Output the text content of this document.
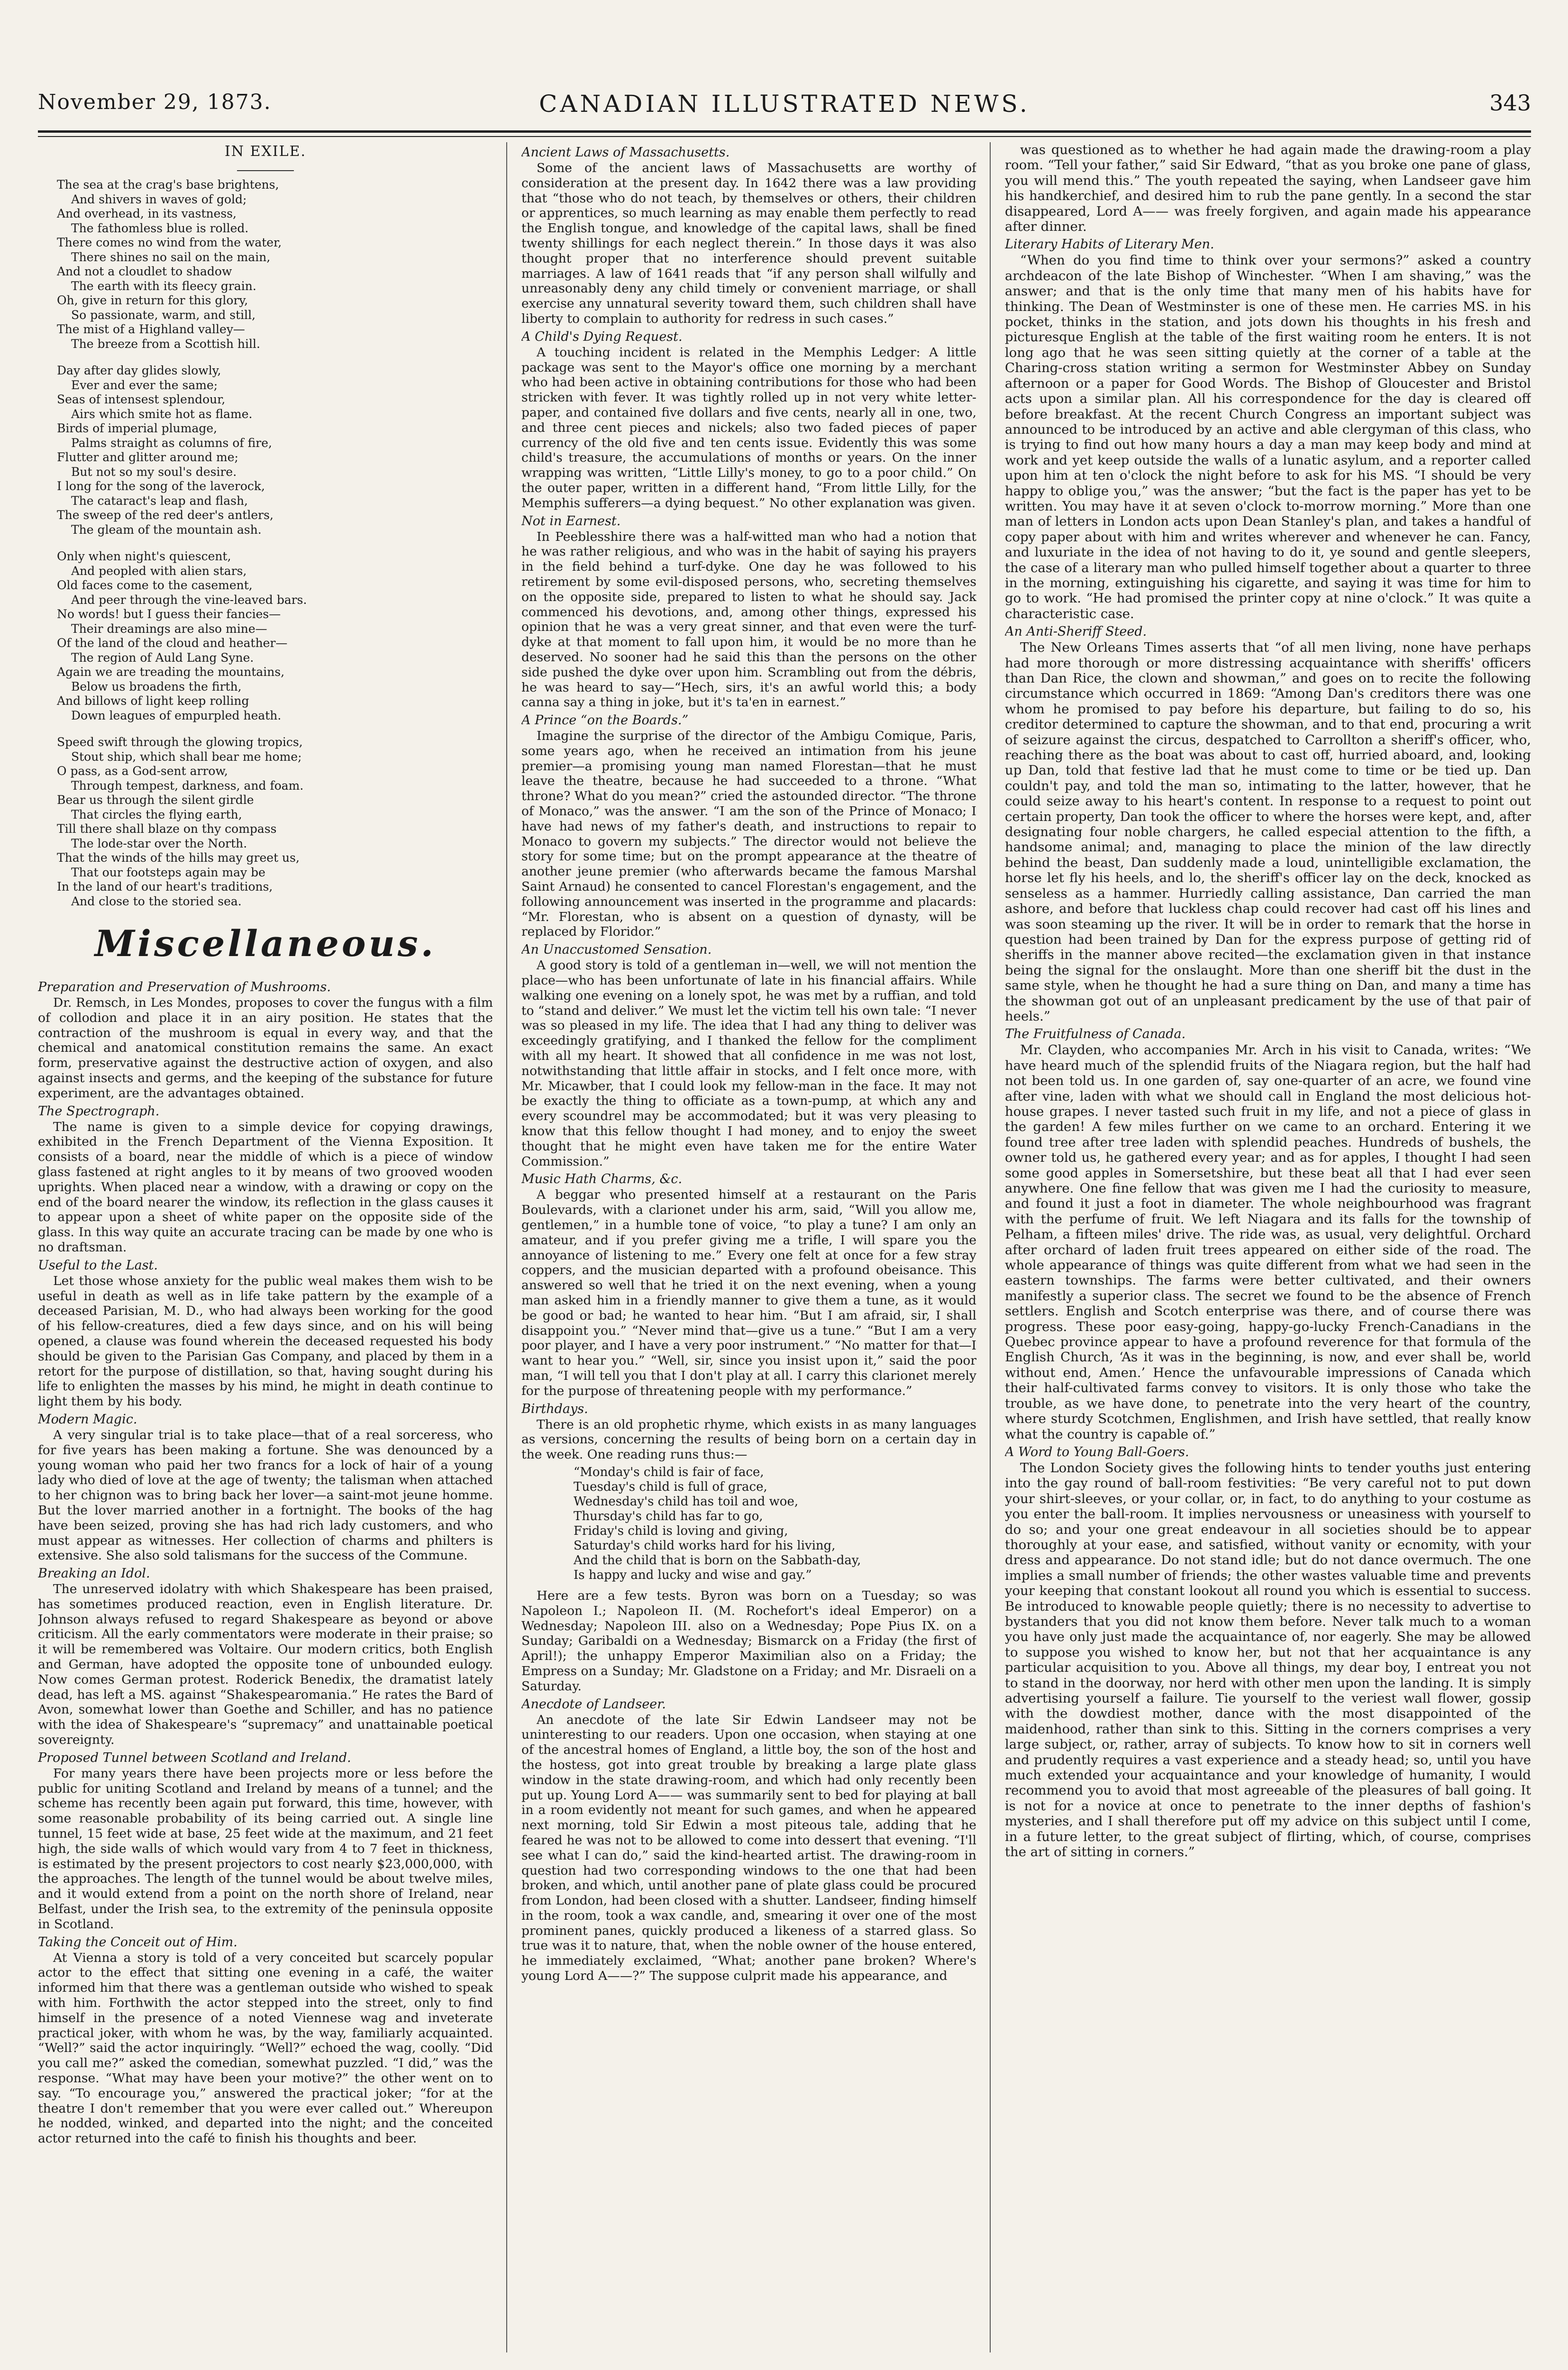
November 29, 1873.	CANADIAN ILLUSTRATED NEWS.	343
IN EXILE.
The sea at the crag's base brightens,
And shivers in waves of gold;
And overhead, in its vastness,
The fathomless blue is rolled.
There comes no wind from the water,
There shines no sail on the main,
And not a cloudlet to shadow
The earth with its fleecy grain.
Oh, give in return for this glory,
So passionate, warm, and still,
The mist of a Highland valley—
The breeze from a Scottish hill.
Day after day glides slowly,
Ever and ever the same;
Seas of intensest splendour,
Airs which smite hot as flame.
Birds of imperial plumage,
Palms straight as columns of fire,
Flutter and glitter around me;
But not so my soul's desire.
I long for the song of the laverock,
The cataract's leap and flash,
The sweep of the red deer's antlers,
The gleam of the mountain ash.
Only when night's quiescent,
And peopled with alien stars,
Old faces come to the casement,
And peer through the vine-leaved bars.
No words! but I guess their fancies—
Their dreamings are also mine—
Of the land of the cloud and heather—
The region of Auld Lang Syne.
Again we are treading the mountains,
Below us broadens the firth,
And billows of light keep rolling
Down leagues of empurpled heath.
Speed swift through the glowing tropics,
Stout ship, which shall bear me home;
O pass, as a God-sent arrow,
Through tempest, darkness, and foam.
Bear us through the silent girdle
That circles the flying earth,
Till there shall blaze on thy compass
The lode-star over the North.
That the winds of the hills may greet us,
That our footsteps again may be
In the land of our heart's traditions,
And close to the storied sea.
Miscellaneous.
Preparation and Preservation of Mushrooms.

Dr. Remsch, in Les Mondes, proposes to cover the fungus with a film of collodion and place it in an airy position. He states that the contraction of the mushroom is equal in every way, and that the chemical and anatomical constitution remains the same. An exact form, preservative against the destructive action of oxygen, and also against insects and germs, and the keeping of the substance for future experiment, are the advantages obtained.

The Spectrograph.

The name is given to a simple device for copying drawings, exhibited in the French Department of the Vienna Exposition. It consists of a board, near the middle of which is a piece of window glass fastened at right angles to it by means of two grooved wooden uprights. When placed near a window, with a drawing or copy on the end of the board nearer the window, its reflection in the glass causes it to appear upon a sheet of white paper on the opposite side of the glass. In this way quite an accurate tracing can be made by one who is no draftsman.

Useful to the Last.

Let those whose anxiety for the public weal makes them wish to be useful in death as well as in life take pattern by the example of a deceased Parisian, M. D., who had always been working for the good of his fellow-creatures, died a few days since, and on his will being opened, a clause was found wherein the deceased requested his body should be given to the Parisian Gas Company, and placed by them in a retort for the purpose of distillation, so that, having sought during his life to enlighten the masses by his mind, he might in death continue to light them by his body.

Modern Magic.

A very singular trial is to take place—that of a real sorceress, who for five years has been making a fortune. She was denounced by a young woman who paid her two francs for a lock of hair of a young lady who died of love at the age of twenty; the talisman when attached to her chignon was to bring back her lover—a saint‑mot jeune homme. But the lover married another in a fortnight. The books of the hag have been seized, proving she has had rich lady customers, and who must appear as witnesses. Her collection of charms and philters is extensive. She also sold talismans for the success of the Commune.

Breaking an Idol.

The unreserved idolatry with which Shakespeare has been praised, has sometimes produced reaction, even in English literature. Dr. Johnson always refused to regard Shakespeare as beyond or above criticism. All the early commentators were moderate in their praise; so it will be remembered was Voltaire. Our modern critics, both English and German, have adopted the opposite tone of unbounded eulogy. Now comes German protest. Roderick Benedix, the dramatist lately dead, has left a MS. against “Shakespearomania.” He rates the Bard of Avon, somewhat lower than Goethe and Schiller, and has no patience with the idea of Shakespeare's “supremacy” and unattainable poetical sovereignty.

Proposed Tunnel between Scotland and Ireland.

For many years there have been projects more or less before the public for uniting Scotland and Ireland by means of a tunnel; and the scheme has recently been again put forward, this time, however, with some reasonable probability of its being carried out. A single line tunnel, 15 feet wide at base, 25 feet wide at the maximum, and 21 feet high, the side walls of which would vary from 4 to 7 feet in thickness, is estimated by the present projectors to cost nearly $23,000,000, with the approaches. The length of the tunnel would be about twelve miles, and it would extend from a point on the north shore of Ireland, near Belfast, under the Irish sea, to the extremity of the peninsula opposite in Scotland.

Taking the Conceit out of Him.

At Vienna a story is told of a very conceited but scarcely popular actor to the effect that sitting one evening in a café, the waiter informed him that there was a gentleman outside who wished to speak with him. Forthwith the actor stepped into the street, only to find himself in the presence of a noted Viennese wag and inveterate practical joker, with whom he was, by the way, familiarly acquainted. “Well?” said the actor inquiringly. “Well?” echoed the wag, coolly. “Did you call me?” asked the comedian, somewhat puzzled. “I did,” was the response. “What may have been your motive?” the other went on to say. “To encourage you,” answered the practical joker; “for at the theatre I don't remember that you were ever called out.” Whereupon he nodded, winked, and departed into the night; and the conceited actor returned into the café to finish his thoughts and beer.

Ancient Laws of Massachusetts.

Some of the ancient laws of Massachusetts are worthy of consideration at the present day. In 1642 there was a law providing that “those who do not teach, by themselves or others, their children or apprentices, so much learning as may enable them perfectly to read the English tongue, and knowledge of the capital laws, shall be fined twenty shillings for each neglect therein.” In those days it was also thought proper that no interference should prevent suitable marriages. A law of 1641 reads that “if any person shall wilfully and unreasonably deny any child timely or convenient marriage, or shall exercise any unnatural severity toward them, such children shall have liberty to complain to authority for redress in such cases.”

A Child's Dying Request.

A touching incident is related in the Memphis Ledger: A little package was sent to the Mayor's office one morning by a merchant who had been active in obtaining contributions for those who had been stricken with fever. It was tightly rolled up in not very white letter-paper, and contained five dollars and five cents, nearly all in one, two, and three cent pieces and nickels; also two faded pieces of paper currency of the old five and ten cents issue. Evidently this was some child's treasure, the accumulations of months or years. On the inner wrapping was written, “Little Lilly's money, to go to a poor child.” On the outer paper, written in a different hand, “From little Lilly, for the Memphis sufferers—a dying bequest.” No other explanation was given.

Not in Earnest.

In Peeblesshire there was a half-witted man who had a notion that he was rather religious, and who was in the habit of saying his prayers in the field behind a turf-dyke. One day he was followed to his retirement by some evil-disposed persons, who, secreting themselves on the opposite side, prepared to listen to what he should say. Jack commenced his devotions, and, among other things, expressed his opinion that he was a very great sinner, and that even were the turf-dyke at that moment to fall upon him, it would be no more than he deserved. No sooner had he said this than the persons on the other side pushed the dyke over upon him. Scrambling out from the débris, he was heard to say—“Hech, sirs, it's an awful world this; a body canna say a thing in joke, but it's ta'en in earnest.”

A Prince “on the Boards.”

Imagine the surprise of the director of the Ambigu Comique, Paris, some years ago, when he received an intimation from his jeune premier—a promising young man named Florestan—that he must leave the theatre, because he had succeeded to a throne. “What throne? What do you mean?” cried the astounded director. “The throne of Monaco,” was the answer. “I am the son of the Prince of Monaco; I have had news of my father's death, and instructions to repair to Monaco to govern my subjects.” The director would not believe the story for some time; but on the prompt appearance at the theatre of another jeune premier (who afterwards became the famous Marshal Saint Arnaud) he consented to cancel Florestan's engagement, and the following announcement was inserted in the programme and placards: “Mr. Florestan, who is absent on a question of dynasty, will be replaced by Floridor.”

An Unaccustomed Sensation.

A good story is told of a gentleman in—well, we will not mention the place—who has been unfortunate of late in his financial affairs. While walking one evening on a lonely spot, he was met by a ruffian, and told to “stand and deliver.” We must let the victim tell his own tale: “I never was so pleased in my life. The idea that I had any thing to deliver was exceedingly gratifying, and I thanked the fellow for the compliment with all my heart. It showed that all confidence in me was not lost, notwithstanding that little affair in stocks, and I felt once more, with Mr. Micawber, that I could look my fellow-man in the face. It may not be exactly the thing to officiate as a town-pump, at which any and every scoundrel may be accommodated; but it was very pleasing to know that this fellow thought I had money, and to enjoy the sweet thought that he might even have taken me for the entire Water Commission.”

Music Hath Charms, &c.

A beggar who presented himself at a restaurant on the Paris Boulevards, with a clarionet under his arm, said, “Will you allow me, gentlemen,” in a humble tone of voice, “to play a tune? I am only an amateur, and if you prefer giving me a trifle, I will spare you the annoyance of listening to me.” Every one felt at once for a few stray coppers, and the musician departed with a profound obeisance. This answered so well that he tried it on the next evening, when a young man asked him in a friendly manner to give them a tune, as it would be good or bad; he wanted to hear him. “But I am afraid, sir, I shall disappoint you.” “Never mind that—give us a tune.” “But I am a very poor player, and I have a very poor instrument.” “No matter for that—I want to hear you.” “Well, sir, since you insist upon it,” said the poor man, “I will tell you that I don't play at all. I carry this clarionet merely for the purpose of threatening people with my performance.”

Birthdays.

There is an old prophetic rhyme, which exists in as many languages as versions, concerning the results of being born on a certain day in the week. One reading runs thus:—

“Monday's child is fair of face,
Tuesday's child is full of grace,
Wednesday's child has toil and woe,
Thursday's child has far to go,
Friday's child is loving and giving,
Saturday's child works hard for his living,
And the child that is born on the Sabbath-day,
Is happy and lucky and wise and gay.”

Here are a few tests. Byron was born on a Tuesday; so was Napoleon I.; Napoleon II. (M. Rochefort's ideal Emperor) on a Wednesday; Napoleon III. also on a Wednesday; Pope Pius IX. on a Sunday; Garibaldi on a Wednesday; Bismarck on a Friday (the first of April!); the unhappy Emperor Maximilian also on a Friday; the Empress on a Sunday; Mr. Gladstone on a Friday; and Mr. Disraeli on a Saturday.

Anecdote of Landseer.

An anecdote of the late Sir Edwin Landseer may not be uninteresting to our readers. Upon one occasion, when staying at one of the ancestral homes of England, a little boy, the son of the host and the hostess, got into great trouble by breaking a large plate glass window in the state drawing-room, and which had only recently been put up. Young Lord A—— was summarily sent to bed for playing at ball in a room evidently not meant for such games, and when he appeared next morning, told Sir Edwin a most piteous tale, adding that he feared he was not to be allowed to come into dessert that evening. “I'll see what I can do,” said the kind-hearted artist. The drawing-room in question had two corresponding windows to the one that had been broken, and which, until another pane of plate glass could be procured from London, had been closed with a shutter. Landseer, finding himself in the room, took a wax candle, and, smearing it over one of the most prominent panes, quickly produced a likeness of a starred glass. So true was it to nature, that, when the noble owner of the house entered, he immediately exclaimed, “What; another pane broken? Where's young Lord A——?” The suppose culprit made his appearance, and

was questioned as to whether he had again made the drawing-room a play room. “Tell your father,” said Sir Edward, “that as you broke one pane of glass, you will mend this.” The youth repeated the saying, when Landseer gave him his handkerchief, and desired him to rub the pane gently. In a second the star disappeared, Lord A—— was freely forgiven, and again made his appearance after dinner.

Literary Habits of Literary Men.

“When do you find time to think over your sermons?” asked a country archdeacon of the late Bishop of Winchester. “When I am shaving,” was the answer; and that is the only time that many men of his habits have for thinking. The Dean of Westminster is one of these men. He carries MS. in his pocket, thinks in the station, and jots down his thoughts in his fresh and picturesque English at the table of the first waiting room he enters. It is not long ago that he was seen sitting quietly at the corner of a table at the Charing-cross station writing a sermon for Westminster Abbey on Sunday afternoon or a paper for Good Words. The Bishop of Gloucester and Bristol acts upon a similar plan. All his correspondence for the day is cleared off before breakfast. At the recent Church Congress an important subject was announced to be introduced by an active and able clergyman of this class, who is trying to find out how many hours a day a man may keep body and mind at work and yet keep outside the walls of a lunatic asylum, and a reporter called upon him at ten o'clock the night before to ask for his MS. “I should be very happy to oblige you,” was the answer; “but the fact is the paper has yet to be written. You may have it at seven o'clock to-morrow morning.” More than one man of letters in London acts upon Dean Stanley's plan, and takes a handful of copy paper about with him and writes wherever and whenever he can. Fancy, and luxuriate in the idea of not having to do it, ye sound and gentle sleepers, the case of a literary man who pulled himself together about a quarter to three in the morning, extinguishing his cigarette, and saying it was time for him to go to work. “He had promised the printer copy at nine o'clock.” It was quite a characteristic case.

An Anti-Sheriff Steed.

The New Orleans Times asserts that “of all men living, none have perhaps had more thorough or more distressing acquaintance with sheriffs' officers than Dan Rice, the clown and showman,” and goes on to recite the following circumstance which occurred in 1869: “Among Dan's creditors there was one whom he promised to pay before his departure, but failing to do so, his creditor determined to capture the showman, and to that end, procuring a writ of seizure against the circus, despatched to Carrollton a sheriff's officer, who, reaching there as the boat was about to cast off, hurried aboard, and, looking up Dan, told that festive lad that he must come to time or be tied up. Dan couldn't pay, and told the man so, intimating to the latter, however, that he could seize away to his heart's content. In response to a request to point out certain property, Dan took the officer to where the horses were kept, and, after designating four noble chargers, he called especial attention to the fifth, a handsome animal; and, managing to place the minion of the law directly behind the beast, Dan suddenly made a loud, unintelligible exclamation, the horse let fly his heels, and lo, the sheriff's officer lay on the deck, knocked as senseless as a hammer. Hurriedly calling assistance, Dan carried the man ashore, and before that luckless chap could recover had cast off his lines and was soon steaming up the river. It will be in order to remark that the horse in question had been trained by Dan for the express purpose of getting rid of sheriffs in the manner above recited—the exclamation given in that instance being the signal for the onslaught. More than one sheriff bit the dust in the same style, when he thought he had a sure thing on Dan, and many a time has the showman got out of an unpleasant predicament by the use of that pair of heels.”

The Fruitfulness of Canada.

Mr. Clayden, who accompanies Mr. Arch in his visit to Canada, writes: “We have heard much of the splendid fruits of the Niagara region, but the half had not been told us. In one garden of, say one-quarter of an acre, we found vine after vine, laden with what we should call in England the most delicious hot-house grapes. I never tasted such fruit in my life, and not a piece of glass in the garden! A few miles further on we came to an orchard. Entering it we found tree after tree laden with splendid peaches. Hundreds of bushels, the owner told us, he gathered every year; and as for apples, I thought I had seen some good apples in Somersetshire, but these beat all that I had ever seen anywhere. One fine fellow that was given me I had the curiosity to measure, and found it just a foot in diameter. The whole neighbourhood was fragrant with the perfume of fruit. We left Niagara and its falls for the township of Pelham, a fifteen miles' drive. The ride was, as usual, very delightful. Orchard after orchard of laden fruit trees appeared on either side of the road. The whole appearance of things was quite different from what we had seen in the eastern townships. The farms were better cultivated, and their owners manifestly a superior class. The secret we found to be the absence of French settlers. English and Scotch enterprise was there, and of course there was progress. These poor easy-going, happy-go-lucky French-Canadians in the Quebec province appear to have a profound reverence for that formula of the English Church, ‘As it was in the beginning, is now, and ever shall be, world without end, Amen.’ Hence the unfavourable impressions of Canada which their half-cultivated farms convey to visitors. It is only those who take the trouble, as we have done, to penetrate into the very heart of the country, where sturdy Scotchmen, Englishmen, and Irish have settled, that really know what the country is capable of.”

A Word to Young Ball-Goers.

The London Society gives the following hints to tender youths just entering into the gay round of ball-room festivities: “Be very careful not to put down your shirt-sleeves, or your collar, or, in fact, to do anything to your costume as you enter the ball-room. It implies nervousness or uneasiness with yourself to do so; and your one great endeavour in all societies should be to appear thoroughly at your ease, and satisfied, without vanity or ecnomity, with your dress and appearance. Do not stand idle; but do not dance overmuch. The one implies a small number of friends; the other wastes valuable time and prevents your keeping that constant lookout all round you which is essential to success. Be introduced to knowable people quietly; there is no necessity to advertise to bystanders that you did not know them before. Never talk much to a woman you have only just made the acquaintance of, nor eagerly. She may be allowed to suppose you wished to know her, but not that her acquaintance is any particular acquisition to you. Above all things, my dear boy, I entreat you not to stand in the doorway, nor herd with other men upon the landing. It is simply advertising yourself a failure. Tie yourself to the veriest wall flower, gossip with the dowdiest mother, dance with the most disappointed of the maidenhood, rather than sink to this. Sitting in the corners comprises a very large subject, or, rather, array of subjects. To know how to sit in corners well and prudently requires a vast experience and a steady head; so, until you have much extended your acquaintance and your knowledge of humanity, I would recommend you to avoid that most agreeable of the pleasures of ball going. It is not for a novice at once to penetrate to the inner depths of fashion's mysteries, and I shall therefore put off my advice on this subject until I come, in a future letter, to the great subject of flirting, which, of course, comprises the art of sitting in corners.”
